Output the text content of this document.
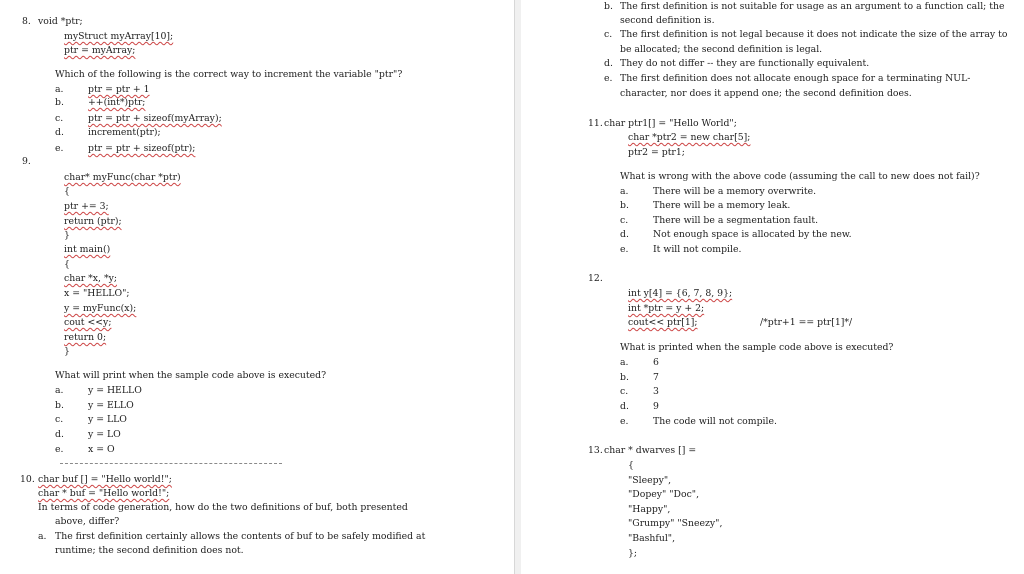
8. void *ptr;
myStruct myArray[10];
ptr = myArray;
Which of the following is the correct way to increment the variable "ptr"?
a.	ptr = ptr + 1
b.	++(int*)ptr;
c.	ptr = ptr + sizeof(myArray);
d.	increment(ptr);
e.	ptr = ptr + sizeof(ptr);
9.
char* myFunc(char *ptr)
{
ptr += 3;
return (ptr);
}
int main()
{
char *x, *y;
x = "HELLO";
y = myFunc(x);
cout <<y;
return 0;
}
What will print when the sample code above is executed?
a.	y = HELLO
b.	y = ELLO
c.	y = LLO
d.	y = LO
e.	x = O
10. char buf [] = "Hello world!";
char * buf = "Hello world!";
In terms of code generation, how do the two definitions of buf, both presented
above, differ?
a. The first definition certainly allows the contents of buf to be safely modified at
runtime; the second definition does not.
b. The first definition is not suitable for usage as an argument to a function call; the
second definition is.
c. The first definition is not legal because it does not indicate the size of the array to
be allocated; the second definition is legal.
d. They do not differ -- they are functionally equivalent.
e. The first definition does not allocate enough space for a terminating NUL-
character, nor does it append one; the second definition does.
11. char ptr1[] = "Hello World";
char *ptr2 = new char[5];
ptr2 = ptr1;
What is wrong with the above code (assuming the call to new does not fail)?
a.	There will be a memory overwrite.
b.	There will be a memory leak.
c.	There will be a segmentation fault.
d.	Not enough space is allocated by the new.
e.	It will not compile.
12.
int y[4] = {6, 7, 8, 9};
int *ptr = y + 2;
cout<< ptr[1];	/*ptr+1 == ptr[1]*/
What is printed when the sample code above is executed?
a.	6
b.	7
c.	3
d.	9
e.	The code will not compile.
13. char * dwarves [] =
{
"Sleepy",
"Dopey" "Doc",
"Happy",
"Grumpy" "Sneezy",
"Bashful",
};
